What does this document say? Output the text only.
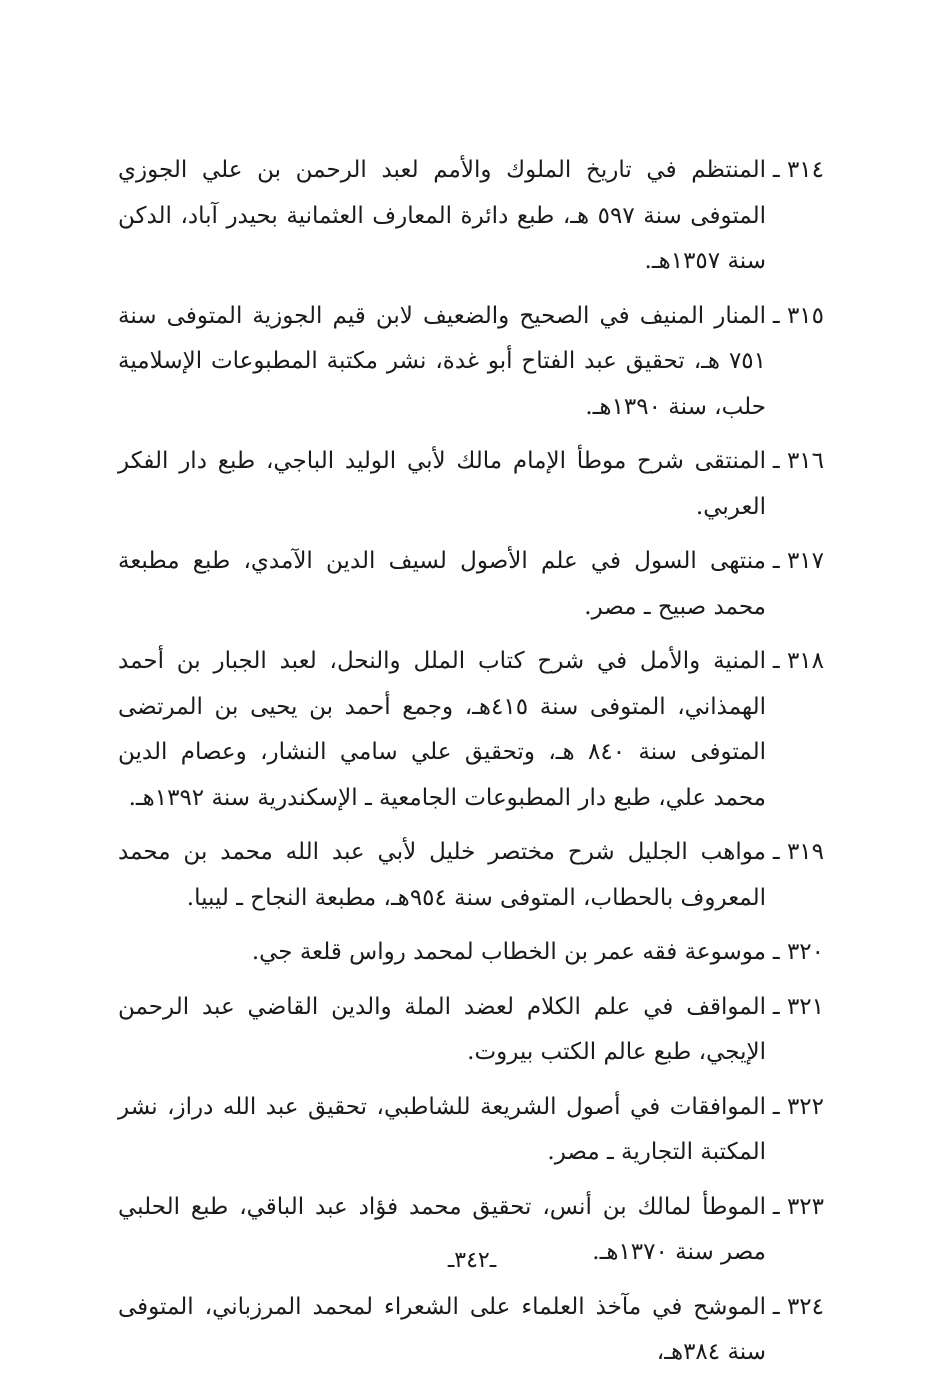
٣١٤ ـ
المنتظم في تاريخ الملوك والأمم لعبد الرحمن بن علي الجوزي المتوفى سنة ٥٩٧ هـ، طبع دائرة المعارف العثمانية بحيدر آباد، الدكن سنة ١٣٥٧هـ.
٣١٥ ـ
المنار المنيف في الصحيح والضعيف لابن قيم الجوزية المتوفى سنة ٧٥١ هـ، تحقيق عبد الفتاح أبو غدة، نشر مكتبة المطبوعات الإسلامية حلب، سنة ١٣٩٠هـ.
٣١٦ ـ
المنتقى شرح موطأ الإمام مالك لأبي الوليد الباجي، طبع دار الفكر العربي.
٣١٧ ـ
منتهى السول في علم الأصول لسيف الدين الآمدي، طبع مطبعة محمد صبيح ـ مصر.
٣١٨ ـ
المنية والأمل في شرح كتاب الملل والنحل، لعبد الجبار بن أحمد الهمذاني، المتوفى سنة ٤١٥هـ، وجمع أحمد بن يحيى بن المرتضى المتوفى سنة ٨٤٠ هـ، وتحقيق علي سامي النشار، وعصام الدين محمد علي، طبع دار المطبوعات الجامعية ـ الإسكندرية سنة ١٣٩٢هـ.
٣١٩ ـ
مواهب الجليل شرح مختصر خليل لأبي عبد الله محمد بن محمد المعروف بالحطاب، المتوفى سنة ٩٥٤هـ، مطبعة النجاح ـ ليبيا.
٣٢٠ ـ
موسوعة فقه عمر بن الخطاب لمحمد رواس قلعة جي.
٣٢١ ـ
المواقف في علم الكلام لعضد الملة والدين القاضي عبد الرحمن الإيجي، طبع عالم الكتب بيروت.
٣٢٢ ـ
الموافقات في أصول الشريعة للشاطبي، تحقيق عبد الله دراز، نشر المكتبة التجارية ـ مصر.
٣٢٣ ـ
الموطأ لمالك بن أنس، تحقيق محمد فؤاد عبد الباقي، طبع الحلبي مصر سنة ١٣٧٠هـ.
٣٢٤ ـ
الموشح في مآخذ العلماء على الشعراء لمحمد المرزباني، المتوفى سنة ٣٨٤هـ،
ـ٣٤٢ـ
